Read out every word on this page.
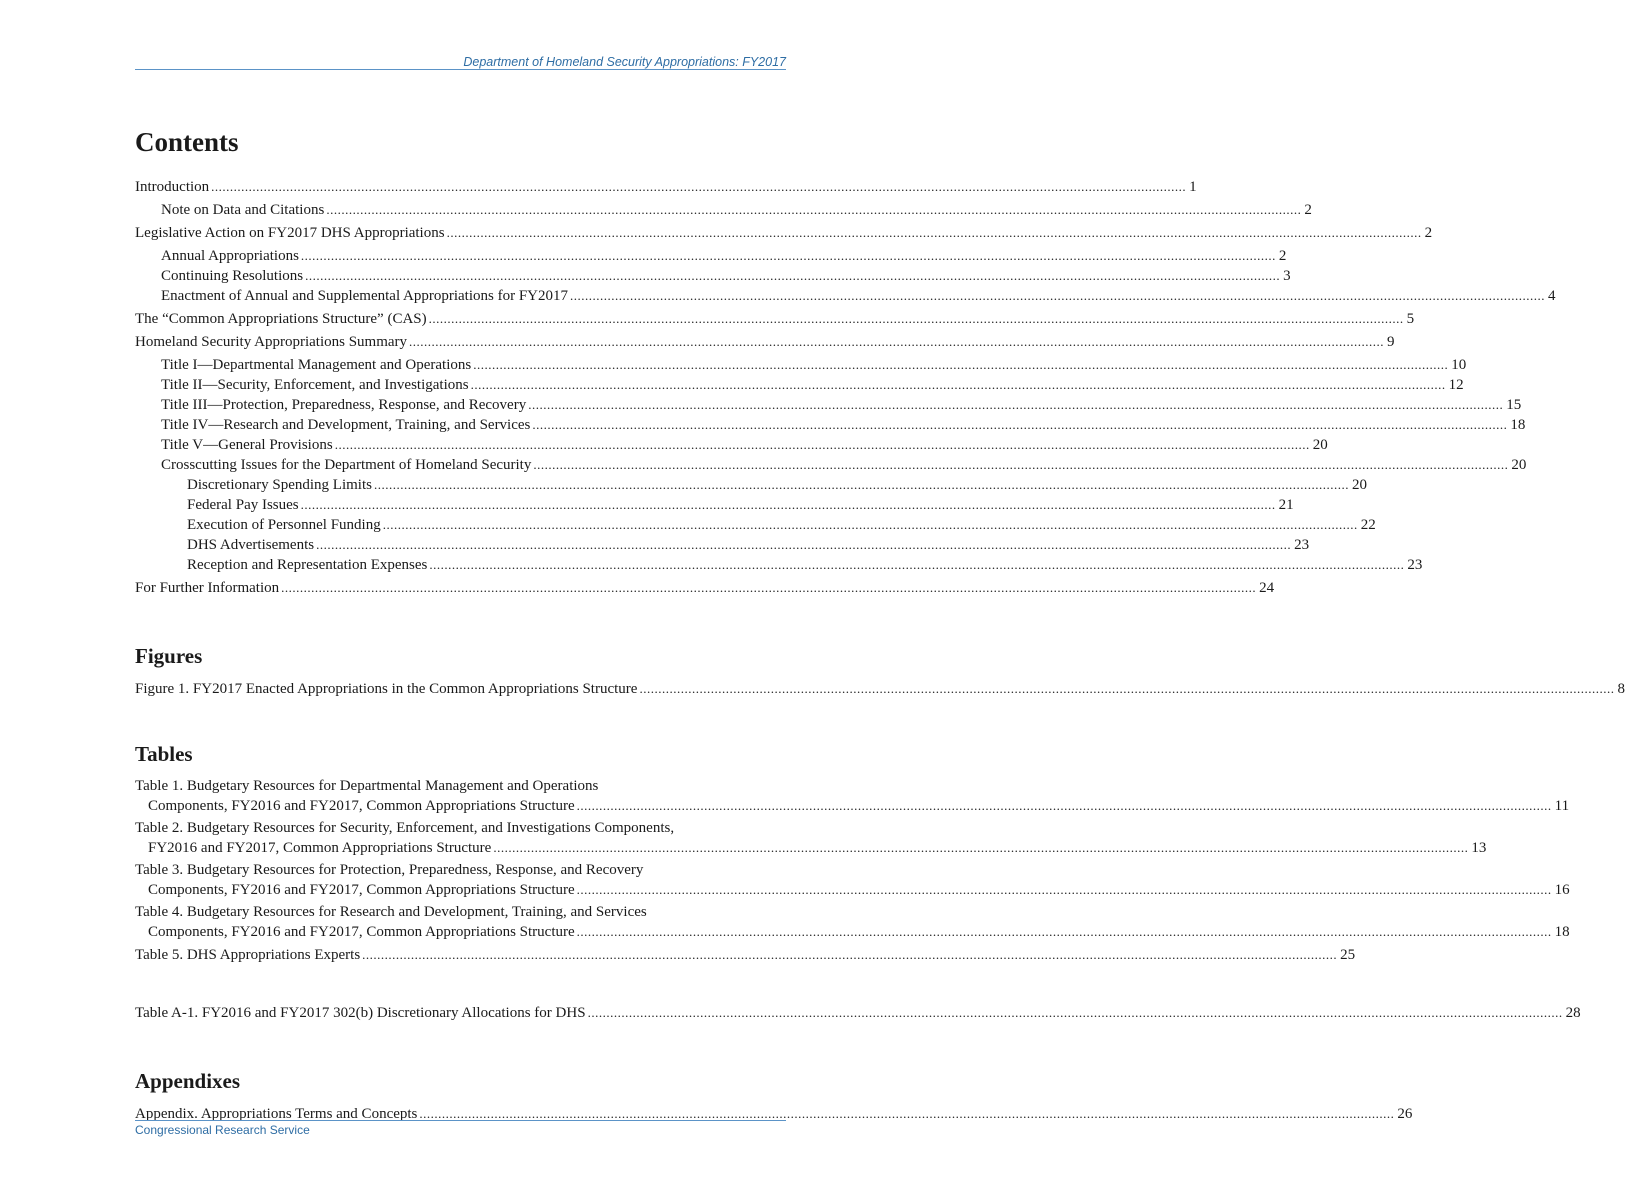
Department of Homeland Security Appropriations: FY2017
Contents
Introduction .................................................................................................................................................................................................................................................................... 1
Note on Data and Citations .................................................................................................................................................................................................................................................................... 2
Legislative Action on FY2017 DHS Appropriations .................................................................................................................................................................................................................................................................... 2
Annual Appropriations .................................................................................................................................................................................................................................................................... 2
Continuing Resolutions .................................................................................................................................................................................................................................................................... 3
Enactment of Annual and Supplemental Appropriations for FY2017 .................................................................................................................................................................................................................................................................... 4
The “Common Appropriations Structure” (CAS) .................................................................................................................................................................................................................................................................... 5
Homeland Security Appropriations Summary .................................................................................................................................................................................................................................................................... 9
Title I—Departmental Management and Operations .................................................................................................................................................................................................................................................................... 10
Title II—Security, Enforcement, and Investigations .................................................................................................................................................................................................................................................................... 12
Title III—Protection, Preparedness, Response, and Recovery .................................................................................................................................................................................................................................................................... 15
Title IV—Research and Development, Training, and Services .................................................................................................................................................................................................................................................................... 18
Title V—General Provisions .................................................................................................................................................................................................................................................................... 20
Crosscutting Issues for the Department of Homeland Security .................................................................................................................................................................................................................................................................... 20
Discretionary Spending Limits .................................................................................................................................................................................................................................................................... 20
Federal Pay Issues .................................................................................................................................................................................................................................................................... 21
Execution of Personnel Funding .................................................................................................................................................................................................................................................................... 22
DHS Advertisements .................................................................................................................................................................................................................................................................... 23
Reception and Representation Expenses .................................................................................................................................................................................................................................................................... 23
For Further Information .................................................................................................................................................................................................................................................................... 24
Figures
Figure 1. FY2017 Enacted Appropriations in the Common Appropriations Structure .................................................................................................................................................................................................................................................................... 8
Tables
Table 1. Budgetary Resources for Departmental Management and Operations
Components, FY2016 and FY2017, Common Appropriations Structure .................................................................................................................................................................................................................................................................... 11
Table 2. Budgetary Resources for Security, Enforcement, and Investigations Components,
FY2016 and FY2017, Common Appropriations Structure .................................................................................................................................................................................................................................................................... 13
Table 3. Budgetary Resources for Protection, Preparedness, Response, and Recovery
Components, FY2016 and FY2017, Common Appropriations Structure .................................................................................................................................................................................................................................................................... 16
Table 4. Budgetary Resources for Research and Development, Training, and Services
Components, FY2016 and FY2017, Common Appropriations Structure .................................................................................................................................................................................................................................................................... 18
Table 5. DHS Appropriations Experts .................................................................................................................................................................................................................................................................... 25
Table A-1. FY2016 and FY2017 302(b) Discretionary Allocations for DHS .................................................................................................................................................................................................................................................................... 28
Appendixes
Appendix. Appropriations Terms and Concepts .................................................................................................................................................................................................................................................................... 26
Congressional Research Service
